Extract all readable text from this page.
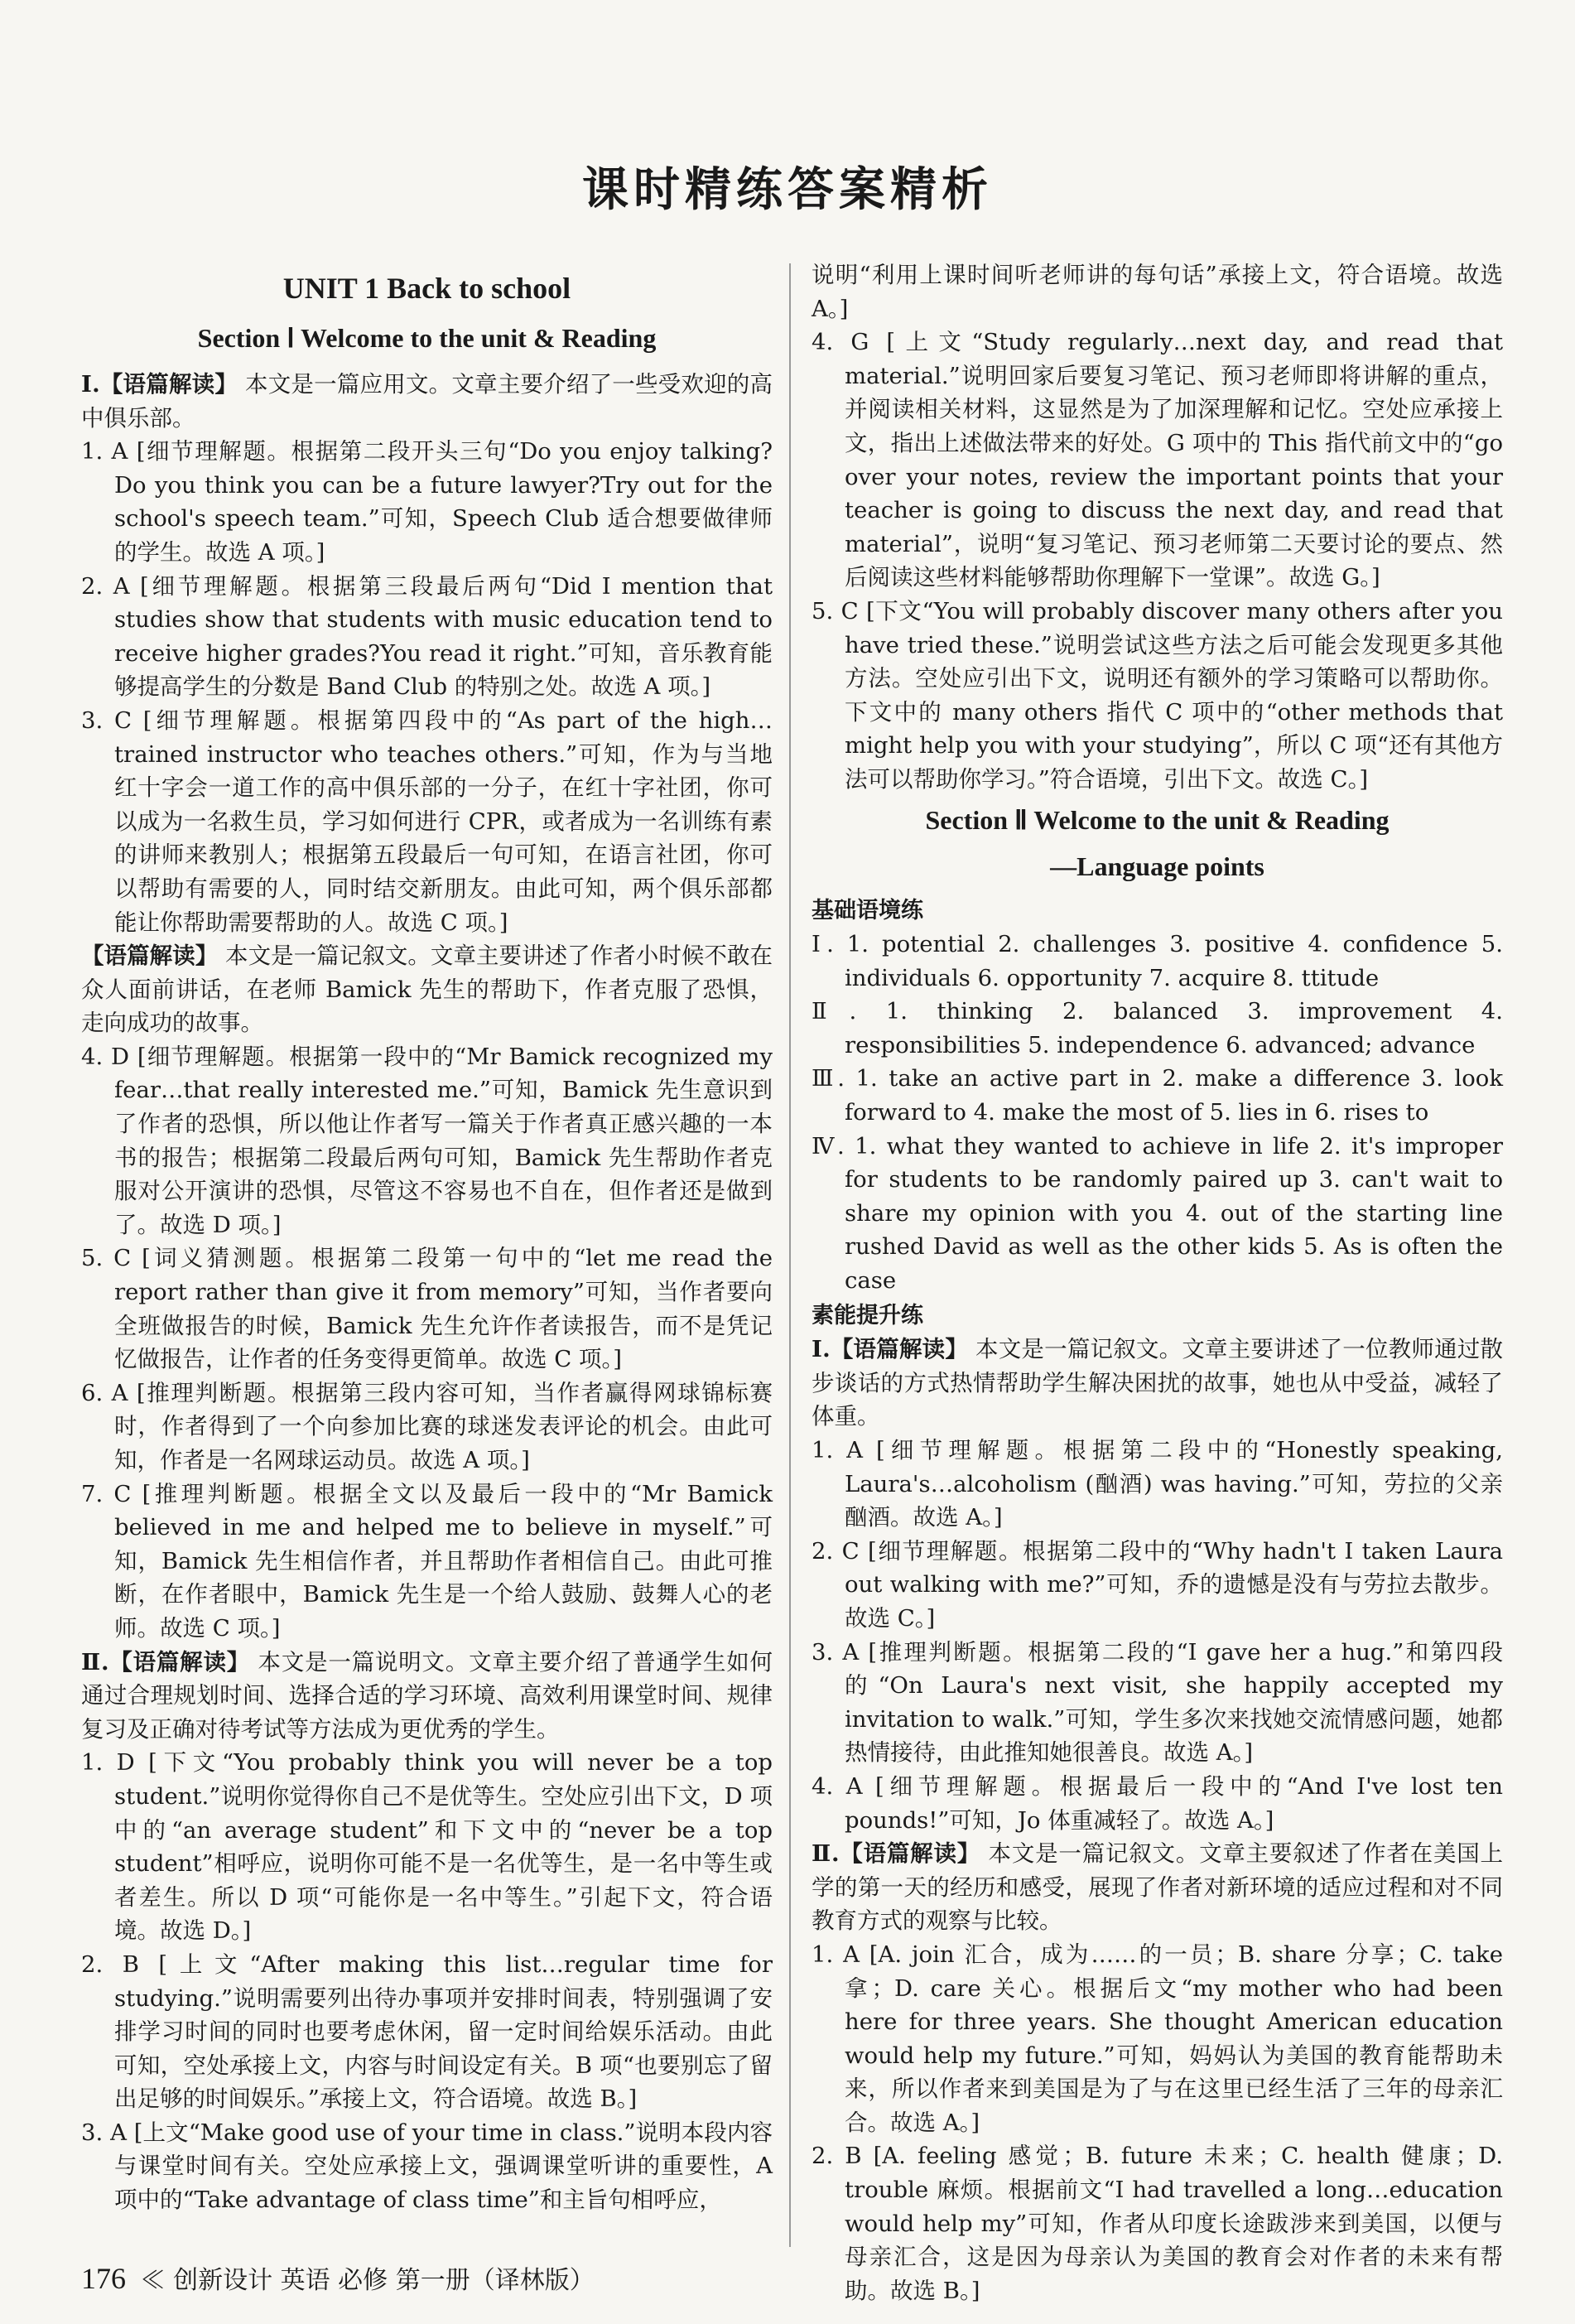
课时精练答案精析
UNIT 1 Back to school
Section Ⅰ Welcome to the unit & Reading
Ⅰ.【语篇解读】 本文是一篇应用文。文章主要介绍了一些受欢迎的高中俱乐部。
1. A [细节理解题。根据第二段开头三句“Do you enjoy talking?Do you think you can be a future lawyer?Try out for the school's speech team.”可知，Speech Club 适合想要做律师的学生。故选 A 项。]
2. A [细节理解题。根据第三段最后两句“Did I mention that studies show that students with music education tend to receive higher grades?You read it right.”可知，音乐教育能够提高学生的分数是 Band Club 的特别之处。故选 A 项。]
3. C [细节理解题。根据第四段中的“As part of the high…trained instructor who teaches others.”可知，作为与当地红十字会一道工作的高中俱乐部的一分子，在红十字社团，你可以成为一名救生员，学习如何进行 CPR，或者成为一名训练有素的讲师来教别人；根据第五段最后一句可知，在语言社团，你可以帮助有需要的人，同时结交新朋友。由此可知，两个俱乐部都能让你帮助需要帮助的人。故选 C 项。]
【语篇解读】 本文是一篇记叙文。文章主要讲述了作者小时候不敢在众人面前讲话，在老师 Bamick 先生的帮助下，作者克服了恐惧，走向成功的故事。
4. D [细节理解题。根据第一段中的“Mr Bamick recognized my fear…that really interested me.”可知，Bamick 先生意识到了作者的恐惧，所以他让作者写一篇关于作者真正感兴趣的一本书的报告；根据第二段最后两句可知，Bamick 先生帮助作者克服对公开演讲的恐惧，尽管这不容易也不自在，但作者还是做到了。故选 D 项。]
5. C [词义猜测题。根据第二段第一句中的“let me read the report rather than give it from memory”可知，当作者要向全班做报告的时候，Bamick 先生允许作者读报告，而不是凭记忆做报告，让作者的任务变得更简单。故选 C 项。]
6. A [推理判断题。根据第三段内容可知，当作者赢得网球锦标赛时，作者得到了一个向参加比赛的球迷发表评论的机会。由此可知，作者是一名网球运动员。故选 A 项。]
7. C [推理判断题。根据全文以及最后一段中的“Mr Bamick believed in me and helped me to believe in myself.”可知，Bamick 先生相信作者，并且帮助作者相信自己。由此可推断，在作者眼中，Bamick 先生是一个给人鼓励、鼓舞人心的老师。故选 C 项。]
Ⅱ.【语篇解读】 本文是一篇说明文。文章主要介绍了普通学生如何通过合理规划时间、选择合适的学习环境、高效利用课堂时间、规律复习及正确对待考试等方法成为更优秀的学生。
1. D [下文“You probably think you will never be a top student.”说明你觉得你自己不是优等生。空处应引出下文，D 项中的“an average student”和下文中的“never be a top student”相呼应，说明你可能不是一名优等生，是一名中等生或者差生。所以 D 项“可能你是一名中等生。”引起下文，符合语境。故选 D。]
2. B [上文“After making this list…regular time for studying.”说明需要列出待办事项并安排时间表，特别强调了安排学习时间的同时也要考虑休闲，留一定时间给娱乐活动。由此可知，空处承接上文，内容与时间设定有关。B 项“也要别忘了留出足够的时间娱乐。”承接上文，符合语境。故选 B。]
3. A [上文“Make good use of your time in class.”说明本段内容与课堂时间有关。空处应承接上文，强调课堂听讲的重要性，A 项中的“Take advantage of class time”和主旨句相呼应，
说明“利用上课时间听老师讲的每句话”承接上文，符合语境。故选 A。]
4. G [上文“Study regularly…next day, and read that material.”说明回家后要复习笔记、预习老师即将讲解的重点，并阅读相关材料，这显然是为了加深理解和记忆。空处应承接上文，指出上述做法带来的好处。G 项中的 This 指代前文中的“go over your notes, review the important points that your teacher is going to discuss the next day, and read that material”，说明“复习笔记、预习老师第二天要讨论的要点、然后阅读这些材料能够帮助你理解下一堂课”。故选 G。]
5. C [下文“You will probably discover many others after you have tried these.”说明尝试这些方法之后可能会发现更多其他方法。空处应引出下文，说明还有额外的学习策略可以帮助你。下文中的 many others 指代 C 项中的“other methods that might help you with your studying”，所以 C 项“还有其他方法可以帮助你学习。”符合语境，引出下文。故选 C。]
Section Ⅱ Welcome to the unit & Reading
—Language points
基础语境练
Ⅰ. 1. potential 2. challenges 3. positive 4. confidence 5. individuals 6. opportunity 7. acquire 8. ttitude
Ⅱ. 1. thinking 2. balanced 3. improvement 4. responsibilities 5. independence 6. advanced; advance
Ⅲ. 1. take an active part in 2. make a difference 3. look forward to 4. make the most of 5. lies in 6. rises to
Ⅳ. 1. what they wanted to achieve in life 2. it's improper for students to be randomly paired up 3. can't wait to share my opinion with you 4. out of the starting line rushed David as well as the other kids 5. As is often the case
素能提升练
Ⅰ.【语篇解读】 本文是一篇记叙文。文章主要讲述了一位教师通过散步谈话的方式热情帮助学生解决困扰的故事，她也从中受益，减轻了体重。
1. A [细节理解题。根据第二段中的“Honestly speaking, Laura's…alcoholism (酗酒) was having.”可知，劳拉的父亲酗酒。故选 A。]
2. C [细节理解题。根据第二段中的“Why hadn't I taken Laura out walking with me?”可知，乔的遗憾是没有与劳拉去散步。故选 C。]
3. A [推理判断题。根据第二段的“I gave her a hug.”和第四段的“On Laura's next visit, she happily accepted my invitation to walk.”可知，学生多次来找她交流情感问题，她都热情接待，由此推知她很善良。故选 A。]
4. A [细节理解题。根据最后一段中的“And I've lost ten pounds!”可知，Jo 体重减轻了。故选 A。]
Ⅱ.【语篇解读】 本文是一篇记叙文。文章主要叙述了作者在美国上学的第一天的经历和感受，展现了作者对新环境的适应过程和对不同教育方式的观察与比较。
1. A [A. join 汇合，成为……的一员；B. share 分享；C. take 拿；D. care 关心。根据后文“my mother who had been here for three years. She thought American education would help my future.”可知，妈妈认为美国的教育能帮助未来，所以作者来到美国是为了与在这里已经生活了三年的母亲汇合。故选 A。]
2. B [A. feeling 感觉；B. future 未来；C. health 健康；D. trouble 麻烦。根据前文“I had travelled a long…education would help my”可知，作者从印度长途跋涉来到美国，以便与母亲汇合，这是因为母亲认为美国的教育会对作者的未来有帮助。故选 B。]
176 ≪ 创新设计 英语 必修 第一册（译林版）
